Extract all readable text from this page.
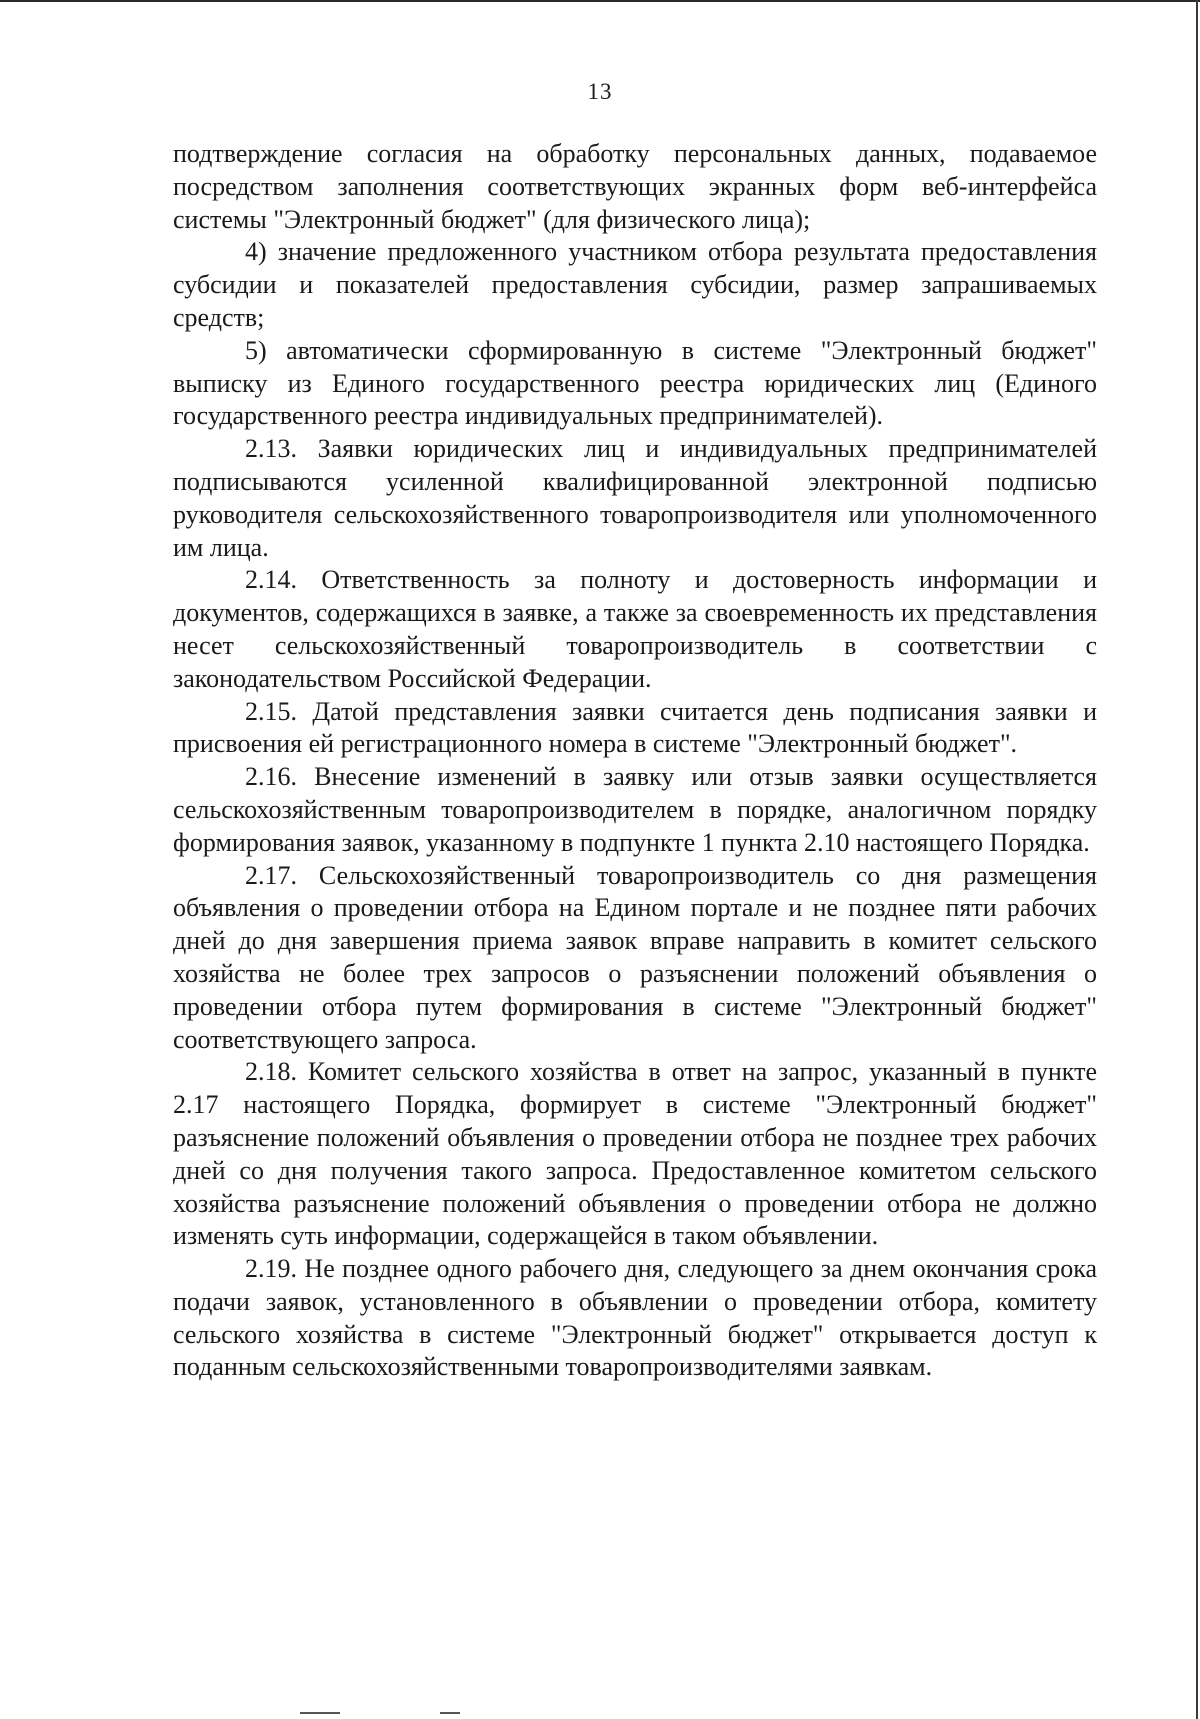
13

подтверждение согласия на обработку персональных данных, подаваемое посредством заполнения соответствующих экранных форм веб-интерфейса системы "Электронный бюджет" (для физического лица);

4) значение предложенного участником отбора результата предоставления субсидии и показателей предоставления субсидии, размер запрашиваемых средств;

5) автоматически сформированную в системе "Электронный бюджет" выписку из Единого государственного реестра юридических лиц (Единого государственного реестра индивидуальных предпринимателей).

2.13. Заявки юридических лиц и индивидуальных предпринимателей подписываются усиленной квалифицированной электронной подписью руководителя сельскохозяйственного товаропроизводителя или уполномоченного им лица.

2.14. Ответственность за полноту и достоверность информации и документов, содержащихся в заявке, а также за своевременность их представления несет сельскохозяйственный товаропроизводитель в соответствии с законодательством Российской Федерации.

2.15. Датой представления заявки считается день подписания заявки и присвоения ей регистрационного номера в системе "Электронный бюджет".

2.16. Внесение изменений в заявку или отзыв заявки осуществляется сельскохозяйственным товаропроизводителем в порядке, аналогичном порядку формирования заявок, указанному в подпункте 1 пункта 2.10 настоящего Порядка.

2.17. Сельскохозяйственный товаропроизводитель со дня размещения объявления о проведении отбора на Едином портале и не позднее пяти рабочих дней до дня завершения приема заявок вправе направить в комитет сельского хозяйства не более трех запросов о разъяснении положений объявления о проведении отбора путем формирования в системе "Электронный бюджет" соответствующего запроса.

2.18. Комитет сельского хозяйства в ответ на запрос, указанный в пункте 2.17 настоящего Порядка, формирует в системе "Электронный бюджет" разъяснение положений объявления о проведении отбора не позднее трех рабочих дней со дня получения такого запроса. Предоставленное комитетом сельского хозяйства разъяснение положений объявления о проведении отбора не должно изменять суть информации, содержащейся в таком объявлении.

2.19. Не позднее одного рабочего дня, следующего за днем окончания срока подачи заявок, установленного в объявлении о проведении отбора, комитету сельского хозяйства в системе "Электронный бюджет" открывается доступ к поданным сельскохозяйственными товаропроизводителями заявкам.
